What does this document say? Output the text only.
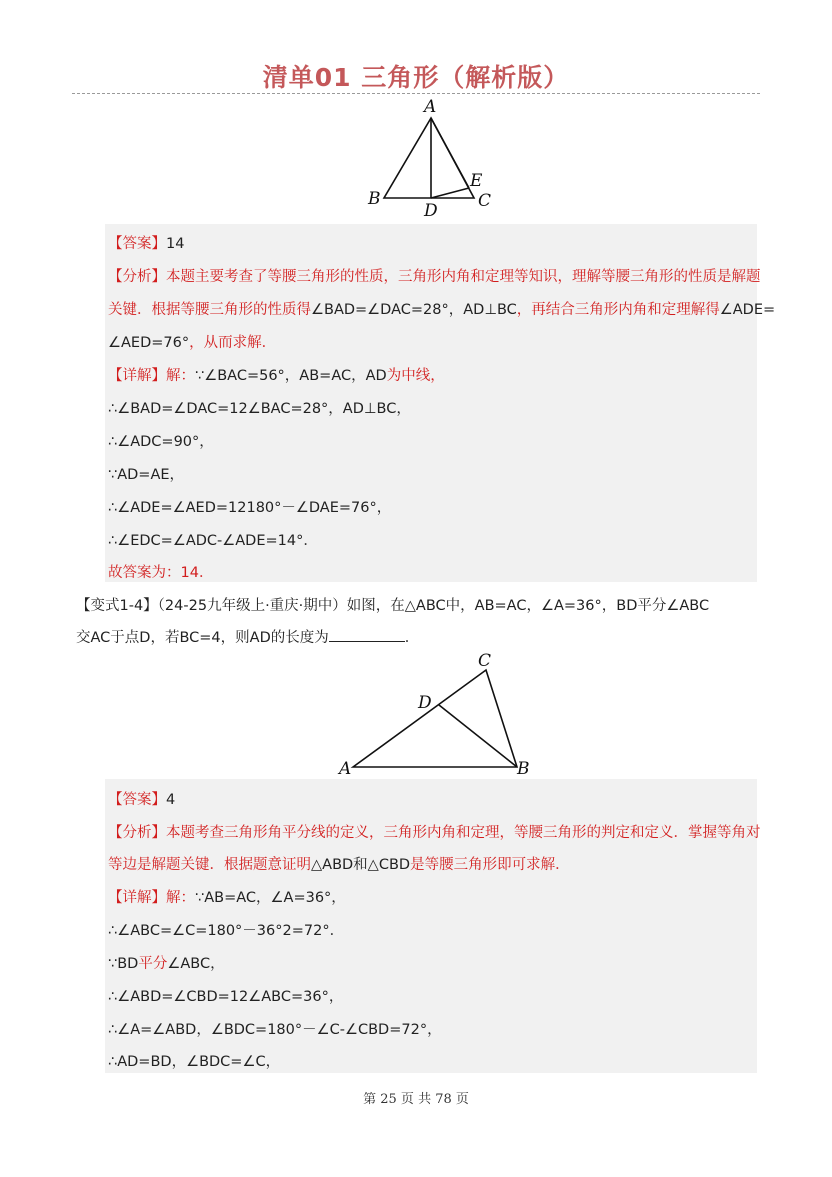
清单01 三角形（解析版）
A
B
D
E
C
【答案】14
【分析】本题主要考查了等腰三角形的性质，三角形内角和定理等知识，理解等腰三角形的性质是解题
关键．根据等腰三角形的性质得∠BAD=∠DAC=28°，AD⊥BC，再结合三角形内角和定理解得∠ADE=
∠AED=76°，从而求解．
【详解】解：∵∠BAC=56°，AB=AC，AD为中线，
∴∠BAD=∠DAC=12∠BAC=28°，AD⊥BC，
∴∠ADC=90°，
∵AD=AE，
∴∠ADE=∠AED=12180°－∠DAE=76°，
∴∠EDC=∠ADC-∠ADE=14°．
故答案为：14．
【变式1-4】（24-25九年级上·重庆·期中）如图，在△ABC中，AB=AC，∠A=36°，BD平分∠ABC
交AC于点D，若BC=4，则AD的长度为	．
A	B
C
D
【答案】4
【分析】本题考查三角形角平分线的定义，三角形内角和定理，等腰三角形的判定和定义．掌握等角对
等边是解题关键．根据题意证明△ABD和△CBD是等腰三角形即可求解．
【详解】解：∵AB=AC，∠A=36°，
∴∠ABC=∠C=180°－36°2=72°．
∵BD平分∠ABC，
∴∠ABD=∠CBD=12∠ABC=36°，
∴∠A=∠ABD，∠BDC=180°－∠C-∠CBD=72°，
∴AD=BD，∠BDC=∠C，
第 25 页 共 78 页
